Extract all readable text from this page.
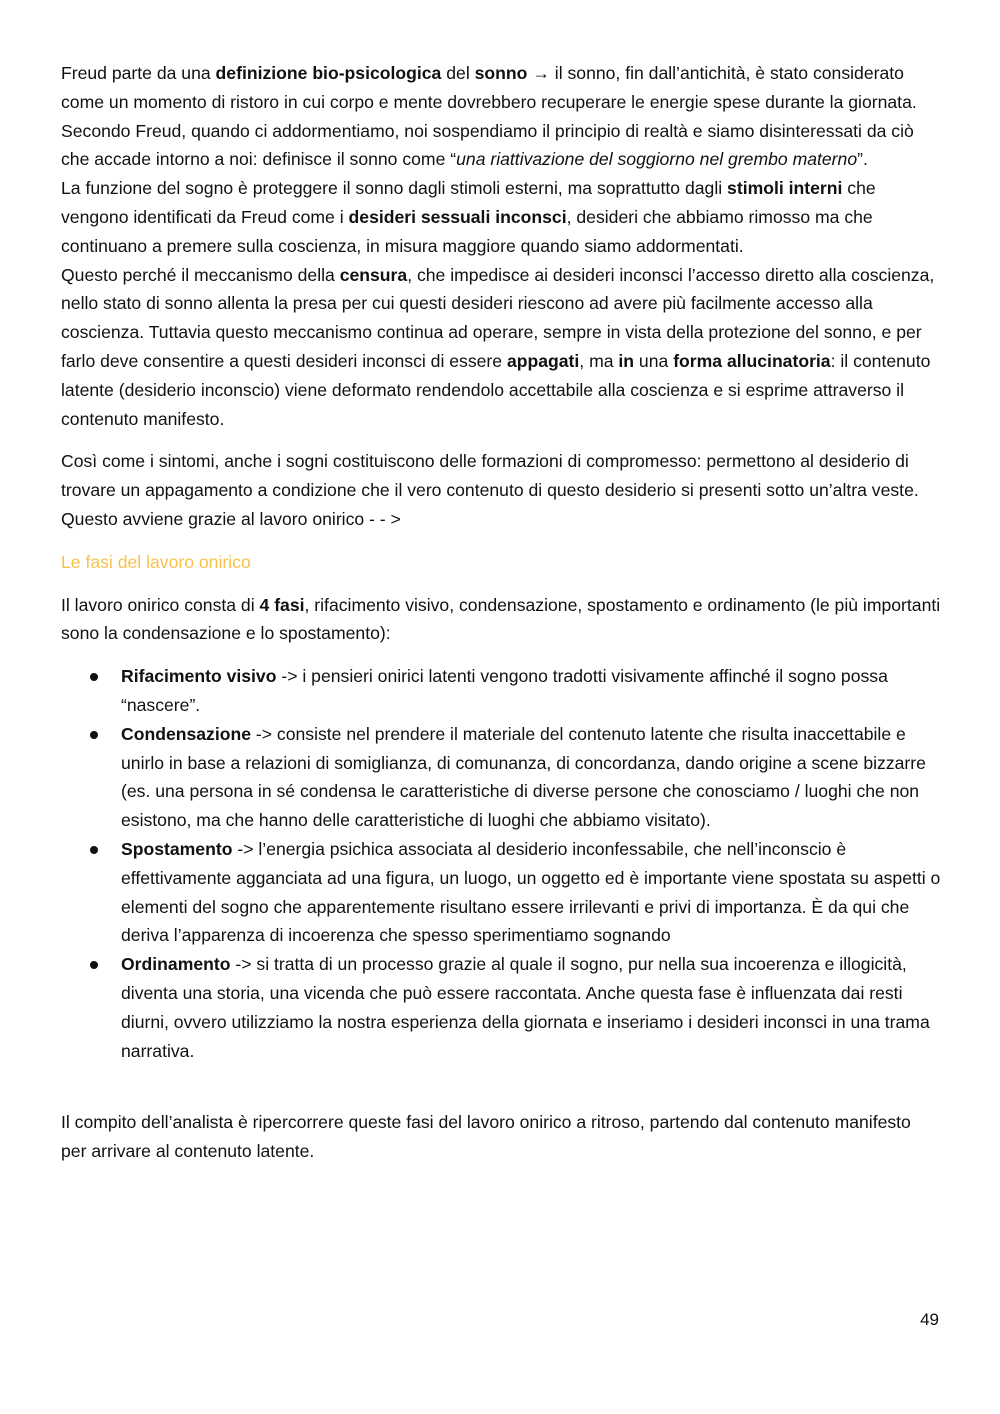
Freud parte da una definizione bio-psicologica del sonno → il sonno, fin dall’antichità, è stato considerato come un momento di ristoro in cui corpo e mente dovrebbero recuperare le energie spese durante la giornata. Secondo Freud, quando ci addormentiamo, noi sospendiamo il principio di realtà e siamo disinteressati da ciò che accade intorno a noi: definisce il sonno come “una riattivazione del soggiorno nel grembo materno”.

La funzione del sogno è proteggere il sonno dagli stimoli esterni, ma soprattutto dagli stimoli interni che vengono identificati da Freud come i desideri sessuali inconsci, desideri che abbiamo rimosso ma che continuano a premere sulla coscienza, in misura maggiore quando siamo addormentati.

Questo perché il meccanismo della censura, che impedisce ai desideri inconsci l’accesso diretto alla coscienza, nello stato di sonno allenta la presa per cui questi desideri riescono ad avere più facilmente accesso alla coscienza. Tuttavia questo meccanismo continua ad operare, sempre in vista della protezione del sonno, e per farlo deve consentire a questi desideri inconsci di essere appagati, ma in una forma allucinatoria: il contenuto latente (desiderio inconscio) viene deformato rendendolo accettabile alla coscienza e si esprime attraverso il contenuto manifesto.

Così come i sintomi, anche i sogni costituiscono delle formazioni di compromesso: permettono al desiderio di trovare un appagamento a condizione che il vero contenuto di questo desiderio si presenti sotto un’altra veste. Questo avviene grazie al lavoro onirico - - >

Le fasi del lavoro onirico

Il lavoro onirico consta di 4 fasi, rifacimento visivo, condensazione, spostamento e ordinamento (le più importanti sono la condensazione e lo spostamento):

Rifacimento visivo -> i pensieri onirici latenti vengono tradotti visivamente affinché il sogno possa “nascere”.
Condensazione -> consiste nel prendere il materiale del contenuto latente che risulta inaccettabile e unirlo in base a relazioni di somiglianza, di comunanza, di concordanza, dando origine a scene bizzarre (es. una persona in sé condensa le caratteristiche di diverse persone che conosciamo / luoghi che non esistono, ma che hanno delle caratteristiche di luoghi che abbiamo visitato).
Spostamento -> l’energia psichica associata al desiderio inconfessabile, che nell’inconscio è effettivamente agganciata ad una figura, un luogo, un oggetto ed è importante viene spostata su aspetti o elementi del sogno che apparentemente risultano essere irrilevanti e privi di importanza. È da qui che deriva l’apparenza di incoerenza che spesso sperimentiamo sognando
Ordinamento -> si tratta di un processo grazie al quale il sogno, pur nella sua incoerenza e illogicità, diventa una storia, una vicenda che può essere raccontata. Anche questa fase è influenzata dai resti diurni, ovvero utilizziamo la nostra esperienza della giornata e inseriamo i desideri inconsci in una trama narrativa.

Il compito dell’analista è ripercorrere queste fasi del lavoro onirico a ritroso, partendo dal contenuto manifesto per arrivare al contenuto latente.

49
